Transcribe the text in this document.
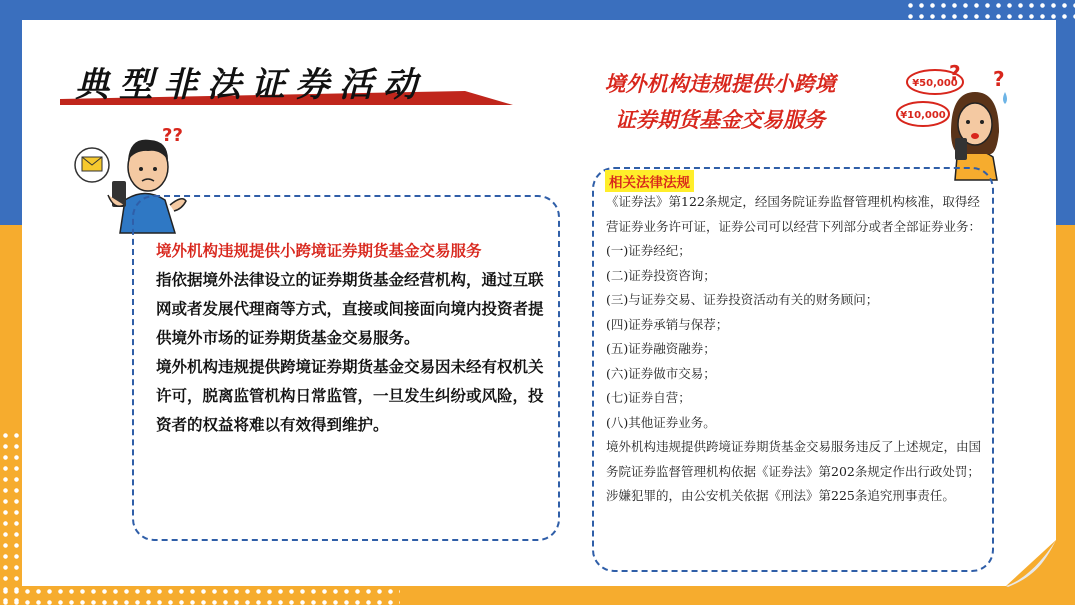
典型非法证券活动	境外机构违规提供小跨境
证券期货基金交易服务
??
¥50,000
¥10,000
? ?

境外机构违规提供小跨境证券期货基金交易服务

指依据境外法律设立的证券期货基金经营机构，通过互联网或者发展代理商等方式，直接或间接面向境内投资者提供境外市场的证券期货基金交易服务。

境外机构违规提供跨境证券期货基金交易因未经有权机关许可，脱离监管机构日常监管，一旦发生纠纷或风险，投资者的权益将难以有效得到维护。

相关法律法规

《证券法》第122条规定，经国务院证券监督管理机构核准，取得经营证券业务许可证，证券公司可以经营下列部分或者全部证券业务：

(一)证券经纪；

(二)证券投资咨询；

(三)与证券交易、证券投资活动有关的财务顾问；

(四)证券承销与保荐；

(五)证券融资融券；

(六)证券做市交易；

(七)证券自营；

(八)其他证券业务。

境外机构违规提供跨境证券期货基金交易服务违反了上述规定，由国务院证券监督管理机构依据《证券法》第202条规定作出行政处罚；涉嫌犯罪的，由公安机关依据《刑法》第225条追究刑事责任。
